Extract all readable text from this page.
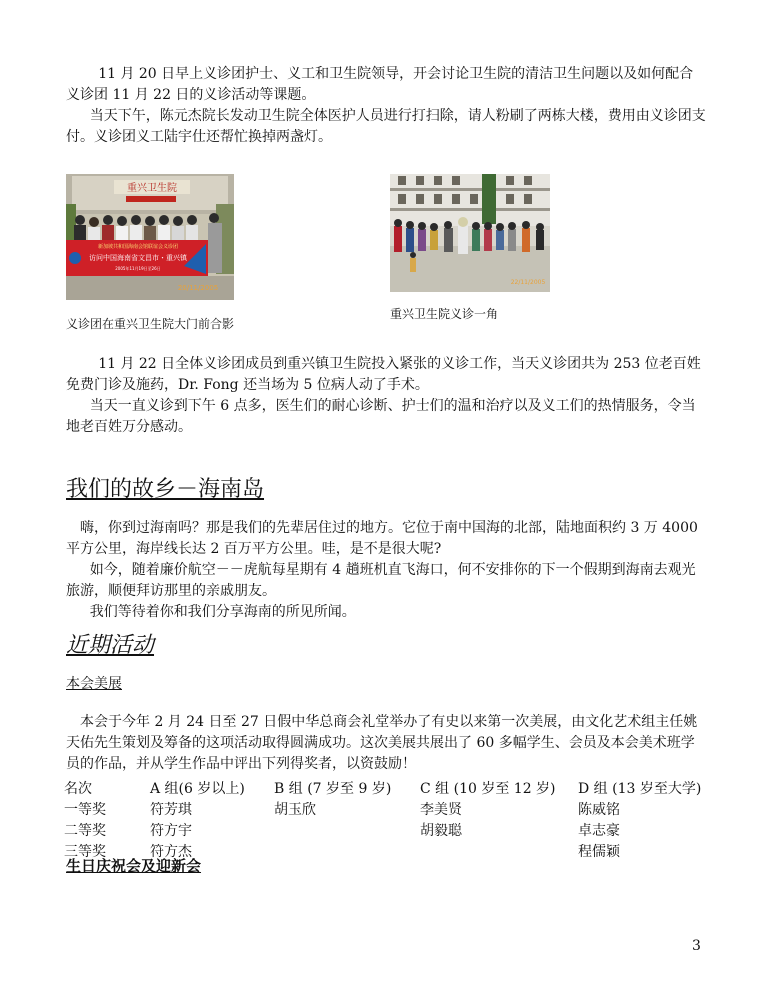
11 月 20 日早上义诊团护士、义工和卫生院领导，开会讨论卫生院的清洁卫生问题以及如何配合义诊团 11 月 22 日的义诊活动等课题。

当天下午，陈元杰院长发动卫生院全体医护人员进行打扫除，请人粉刷了两栋大楼，费用由义诊团支付。义诊团义工陆宇仕还帮忙换掉两盏灯。

重兴卫生院
新加坡共和国海南会馆联谊会义诊团
访问中国海南省文昌市・重兴镇
2005年11月19日至26日
20/11/2005
义诊团在重兴卫生院大门前合影
22/11/2005
重兴卫生院义诊一角

11 月 22 日全体义诊团成员到重兴镇卫生院投入紧张的义诊工作，当天义诊团共为 253 位老百姓免费门诊及施药，Dr. Fong 还当场为 5 位病人动了手术。

当天一直义诊到下午 6 点多，医生们的耐心诊断、护士们的温和治疗以及义工们的热情服务，令当地老百姓万分感动。

我们的故乡－海南岛

嗨，你到过海南吗？那是我们的先辈居住过的地方。它位于南中国海的北部，陆地面积约 3 万 4000 平方公里，海岸线长达 2 百万平方公里。哇，是不是很大呢?

如今，随着廉价航空－－虎航每星期有 4 趟班机直飞海口，何不安排你的下一个假期到海南去观光旅游，顺便拜访那里的亲戚朋友。

我们等待着你和我们分享海南的所见所闻。

近期活动
本会美展

本会于今年 2 月 24 日至 27 日假中华总商会礼堂举办了有史以来第一次美展，由文化艺术组主任姚天佑先生策划及筹备的这项活动取得圆满成功。这次美展共展出了 60 多幅学生、会员及本会美术班学员的作品，并从学生作品中评出下列得奖者，以资鼓励！

名次	A 组(6 岁以上)	B 组 (7 岁至 9 岁)	C 组 (10 岁至 12 岁)	D 组 (13 岁至大学)
一等奖	符芳琪	胡玉欣	李美贤	陈威铭
二等奖	符方宇		胡毅聪	卓志豪
三等奖	符方杰			程儒颖
生日庆祝会及迎新会
3
